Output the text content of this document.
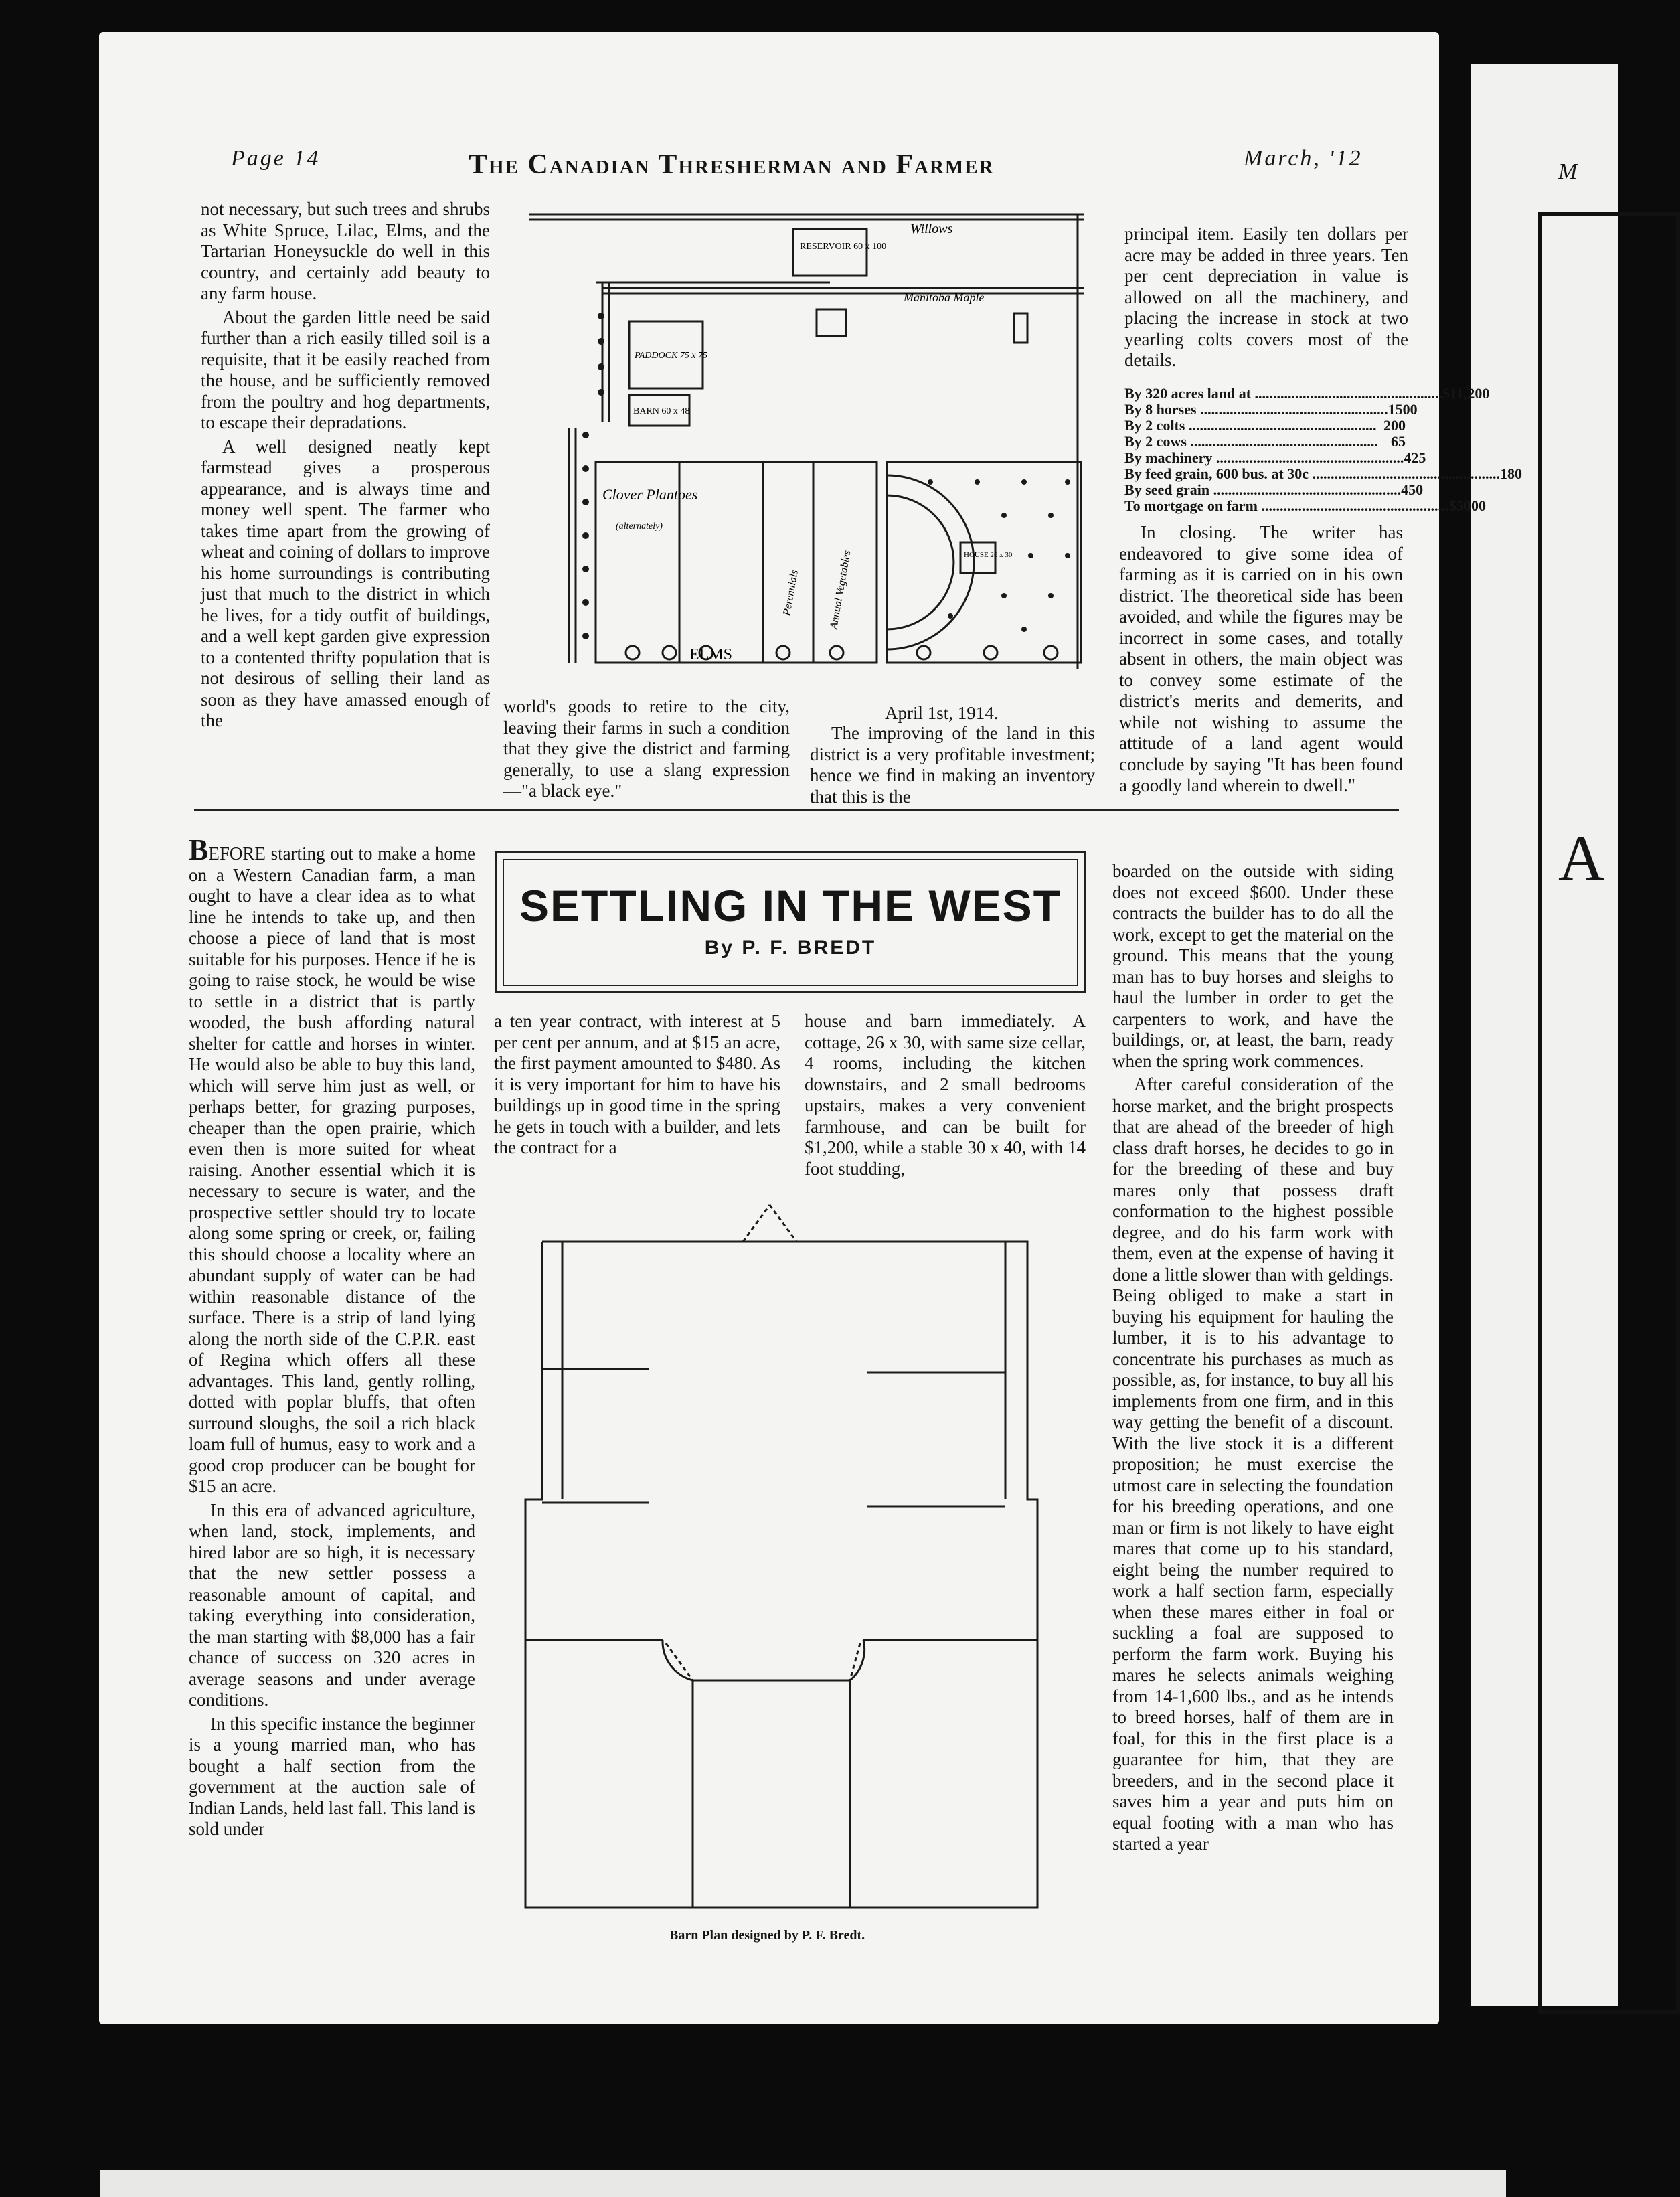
M
A
Page 14	The Canadian Thresherman and Farmer	March, '12

not necessary, but such trees and shrubs as White Spruce, Lilac, Elms, and the Tartarian Honeysuckle do well in this country, and certainly add beauty to any farm house.

About the garden little need be said further than a rich easily tilled soil is a requisite, that it be easily reached from the house, and be sufficiently removed from the poultry and hog departments, to escape their depradations.

A well designed neatly kept farmstead gives a prosperous appearance, and is always time and money well spent. The farmer who takes time apart from the growing of wheat and coining of dollars to improve his home surroundings is contributing just that much to the district in which he lives, for a tidy outfit of buildings, and a well kept garden give expression to a contented thrifty population that is not desirous of selling their land as soon as they have amassed enough of the

Willows
RESERVOIR 60 x 100
Manitoba Maple
PADDOCK 75 x 75
BARN 60 x 48
Clover Plantoes
(alternately)
Perennials	Annual Vegetables	HOUSE 26 x 30
ELMS

world's goods to retire to the city, leaving their farms in such a condition that they give the district and farming generally, to use a slang expression—"a black eye."

April 1st, 1914.

The improving of the land in this district is a very profitable investment; hence we find in making an inventory that this is the

principal item. Easily ten dollars per acre may be added in three years. Ten per cent depreciation in value is allowed on all the machinery, and placing the increase in stock at two yearling colts covers most of the details.

By 320 acres land at .....	$11,200
By 8 horses .....	1500
By 2 colts .....	200
By 2 cows .....	65
By machinery .....	425
By feed grain, 600 bus. at 30c .....	180
By seed grain .....	450
To mortgage on farm .....	$5000

In closing. The writer has endeavored to give some idea of farming as it is carried on in his own district. The theoretical side has been avoided, and while the figures may be incorrect in some cases, and totally absent in others, the main object was to convey some estimate of the district's merits and demerits, and while not wishing to assume the attitude of a land agent would conclude by saying "It has been found a goodly land wherein to dwell."

SETTLING IN THE WEST
By P. F. BREDT

BEFORE starting out to make a home on a Western Canadian farm, a man ought to have a clear idea as to what line he intends to take up, and then choose a piece of land that is most suitable for his purposes. Hence if he is going to raise stock, he would be wise to settle in a district that is partly wooded, the bush affording natural shelter for cattle and horses in winter. He would also be able to buy this land, which will serve him just as well, or perhaps better, for grazing purposes, cheaper than the open prairie, which even then is more suited for wheat raising. Another essential which it is necessary to secure is water, and the prospective settler should try to locate along some spring or creek, or, failing this should choose a locality where an abundant supply of water can be had within reasonable distance of the surface. There is a strip of land lying along the north side of the C.P.R. east of Regina which offers all these advantages. This land, gently rolling, dotted with poplar bluffs, that often surround sloughs, the soil a rich black loam full of humus, easy to work and a good crop producer can be bought for $15 an acre.

In this era of advanced agriculture, when land, stock, implements, and hired labor are so high, it is necessary that the new settler possess a reasonable amount of capital, and taking everything into consideration, the man starting with $8,000 has a fair chance of success on 320 acres in average seasons and under average conditions.

In this specific instance the beginner is a young married man, who has bought a half section from the government at the auction sale of Indian Lands, held last fall. This land is sold under

a ten year contract, with interest at 5 per cent per annum, and at $15 an acre, the first payment amounted to $480. As it is very important for him to have his buildings up in good time in the spring he gets in touch with a builder, and lets the contract for a

house and barn immediately. A cottage, 26 x 30, with same size cellar, 4 rooms, including the kitchen downstairs, and 2 small bedrooms upstairs, makes a very convenient farmhouse, and can be built for $1,200, while a stable 30 x 40, with 14 foot studding,

boarded on the outside with siding does not exceed $600. Under these contracts the builder has to do all the work, except to get the material on the ground. This means that the young man has to buy horses and sleighs to haul the lumber in order to get the carpenters to work, and have the buildings, or, at least, the barn, ready when the spring work commences.

After careful consideration of the horse market, and the bright prospects that are ahead of the breeder of high class draft horses, he decides to go in for the breeding of these and buy mares only that possess draft conformation to the highest possible degree, and do his farm work with them, even at the expense of having it done a little slower than with geldings. Being obliged to make a start in buying his equipment for hauling the lumber, it is to his advantage to concentrate his purchases as much as possible, as, for instance, to buy all his implements from one firm, and in this way getting the benefit of a discount. With the live stock it is a different proposition; he must exercise the utmost care in selecting the foundation for his breeding operations, and one man or firm is not likely to have eight mares that come up to his standard, eight being the number required to work a half section farm, especially when these mares either in foal or suckling a foal are supposed to perform the farm work. Buying his mares he selects animals weighing from 14-1,600 lbs., and as he intends to breed horses, half of them are in foal, for this in the first place is a guarantee for him, that they are breeders, and in the second place it saves him a year and puts him on equal footing with a man who has started a year

Barn Plan designed by P. F. Bredt.
